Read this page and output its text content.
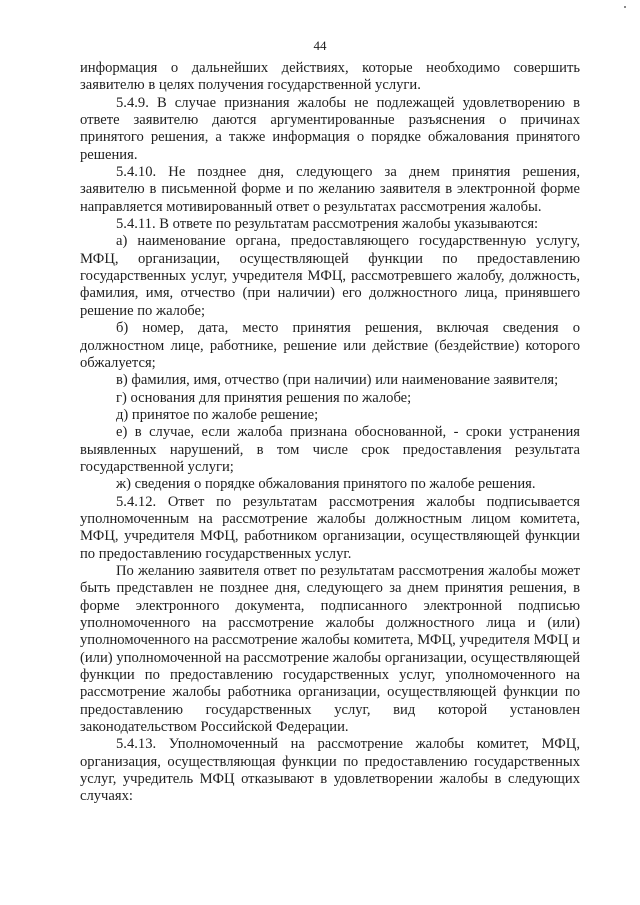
44

информация о дальнейших действиях, которые необходимо совершить заявителю в целях получения государственной услуги.

5.4.9. В случае признания жалобы не подлежащей удовлетворению в ответе заявителю даются аргументированные разъяснения о причинах принятого решения, а также информация о порядке обжалования принятого решения.

5.4.10. Не позднее дня, следующего за днем принятия решения, заявителю в письменной форме и по желанию заявителя в электронной форме направляется мотивированный ответ о результатах рассмотрения жалобы.

5.4.11. В ответе по результатам рассмотрения жалобы указываются:

а) наименование органа, предоставляющего государственную услугу, МФЦ, организации, осуществляющей функции по предоставлению государственных услуг, учредителя МФЦ, рассмотревшего жалобу, должность, фамилия, имя, отчество (при наличии) его должностного лица, принявшего решение по жалобе;

б) номер, дата, место принятия решения, включая сведения о должностном лице, работнике, решение или действие (бездействие) которого обжалуется;

в) фамилия, имя, отчество (при наличии) или наименование заявителя;

г) основания для принятия решения по жалобе;

д) принятое по жалобе решение;

е) в случае, если жалоба признана обоснованной, - сроки устранения выявленных нарушений, в том числе срок предоставления результата государственной услуги;

ж) сведения о порядке обжалования принятого по жалобе решения.

5.4.12. Ответ по результатам рассмотрения жалобы подписывается уполномоченным на рассмотрение жалобы должностным лицом комитета, МФЦ, учредителя МФЦ, работником организации, осуществляющей функции по предоставлению государственных услуг.

По желанию заявителя ответ по результатам рассмотрения жалобы может быть представлен не позднее дня, следующего за днем принятия решения, в форме электронного документа, подписанного электронной подписью уполномоченного на рассмотрение жалобы должностного лица и (или) уполномоченного на рассмотрение жалобы комитета, МФЦ, учредителя МФЦ и (или) уполномоченной на рассмотрение жалобы организации, осуществляющей функции по предоставлению государственных услуг, уполномоченного на рассмотрение жалобы работника организации, осуществляющей функции по предоставлению государственных услуг, вид которой установлен законодательством Российской Федерации.

5.4.13. Уполномоченный на рассмотрение жалобы комитет, МФЦ, организация, осуществляющая функции по предоставлению государственных услуг, учредитель МФЦ отказывают в удовлетворении жалобы в следующих случаях:
